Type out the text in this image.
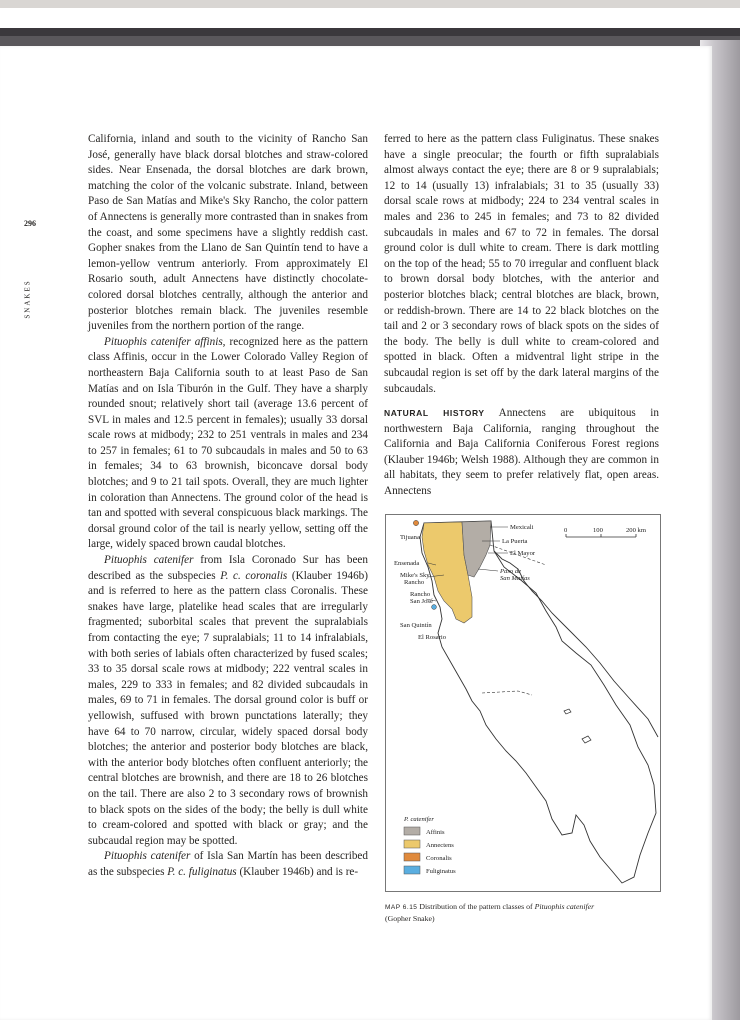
296
SNAKES

California, inland and south to the vicinity of Rancho San José, generally have black dorsal blotches and straw-colored sides. Near Ensenada, the dorsal blotches are dark brown, matching the color of the volcanic substrate. Inland, between Paso de San Matías and Mike's Sky Rancho, the color pattern of Annectens is generally more contrasted than in snakes from the coast, and some specimens have a slightly reddish cast. Gopher snakes from the Llano de San Quintín tend to have a lemon-yellow ventrum anteriorly. From approximately El Rosario south, adult Annectens have distinctly chocolate-colored dorsal blotches centrally, although the anterior and posterior blotches remain black. The juveniles resemble juveniles from the northern portion of the range.

Pituophis catenifer affinis, recognized here as the pattern class Affinis, occur in the Lower Colorado Valley Region of northeastern Baja California south to at least Paso de San Matías and on Isla Tiburón in the Gulf. They have a sharply rounded snout; relatively short tail (average 13.6 percent of SVL in males and 12.5 percent in females); usually 33 dorsal scale rows at midbody; 232 to 251 ventrals in males and 234 to 257 in females; 61 to 70 subcaudals in males and 50 to 63 in females; 34 to 63 brownish, biconcave dorsal body blotches; and 9 to 21 tail spots. Overall, they are much lighter in coloration than Annectens. The ground color of the head is tan and spotted with several conspicuous black markings. The dorsal ground color of the tail is nearly yellow, setting off the large, widely spaced brown caudal blotches.

Pituophis catenifer from Isla Coronado Sur has been described as the subspecies P. c. coronalis (Klauber 1946b) and is referred to here as the pattern class Coronalis. These snakes have large, platelike head scales that are irregularly fragmented; suborbital scales that prevent the supralabials from contacting the eye; 7 supralabials; 11 to 14 infralabials, with both series of labials often characterized by fused scales; 33 to 35 dorsal scale rows at midbody; 222 ventral scales in males, 229 to 333 in females; and 82 divided subcaudals in males, 69 to 71 in females. The dorsal ground color is buff or yellowish, suffused with brown punctations laterally; they have 64 to 70 narrow, circular, widely spaced dorsal body blotches; the anterior and posterior body blotches are black, with the anterior body blotches often confluent anteriorly; the central blotches are brownish, and there are 18 to 26 blotches on the tail. There are also 2 to 3 secondary rows of brownish to black spots on the sides of the body; the belly is dull white to cream-colored and spotted with black or gray; and the subcaudal region may be spotted.

Pituophis catenifer of Isla San Martín has been described as the subspecies P. c. fuliginatus (Klauber 1946b) and is re-

ferred to here as the pattern class Fuliginatus. These snakes have a single preocular; the fourth or fifth supralabials almost always contact the eye; there are 8 or 9 supralabials; 12 to 14 (usually 13) infralabials; 31 to 35 (usually 33) dorsal scale rows at midbody; 224 to 234 ventral scales in males and 236 to 245 in females; and 73 to 82 divided subcaudals in males and 67 to 72 in females. The dorsal ground color is dull white to cream. There is dark mottling on the top of the head; 55 to 70 irregular and confluent black to brown dorsal body blotches, with the anterior and posterior blotches black; central blotches are black, brown, or reddish-brown. There are 14 to 22 black blotches on the tail and 2 or 3 secondary rows of black spots on the sides of the body. The belly is dull white to cream-colored and spotted in black. Often a midventral light stripe in the subcaudal region is set off by the dark lateral margins of the subcaudals.

NATURAL HISTORY Annectens are ubiquitous in northwestern Baja California, ranging throughout the California and Baja California Coniferous Forest regions (Klauber 1946b; Welsh 1988). Although they are common in all habitats, they seem to prefer relatively flat, open areas. Annectens

Mexicali
Tijuana
La Puerta
El Mayor
Ensenada
Paso de
San Matías
Mike's Sky
Rancho
Rancho
San José
San Quintín
El Rosario
0	100	200 km
P. catenifer
Affinis
Annectens
Coronalis
Fuliginatus
MAP 6.15 Distribution of the pattern classes of Pituophis catenifer
(Gopher Snake)
